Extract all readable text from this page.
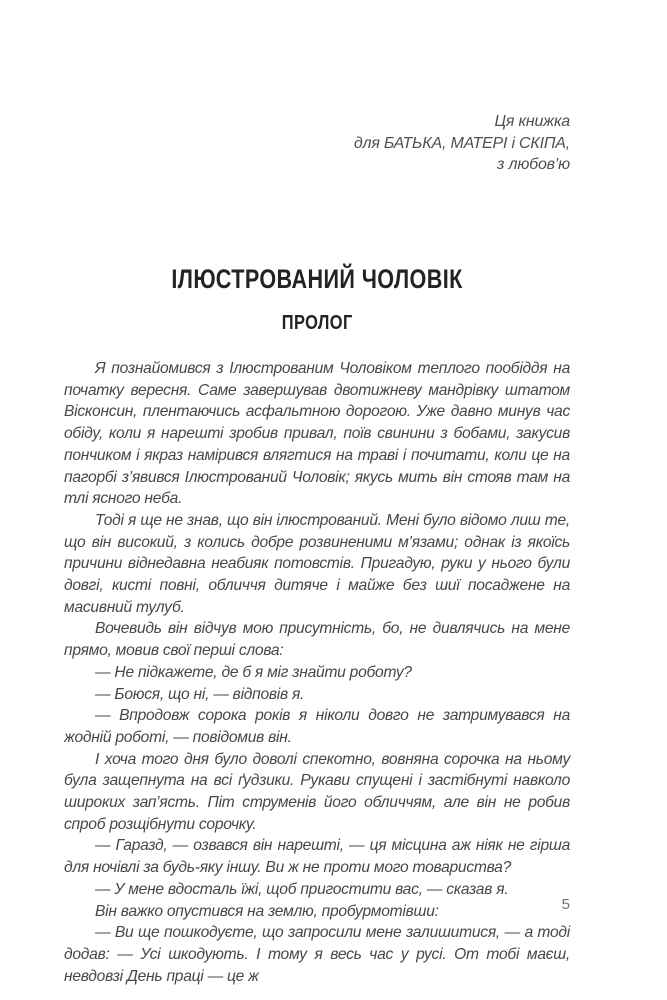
Ця книжка
для БАТЬКА, МАТЕРІ і СКІПА,
з любов’ю
ІЛЮСТРОВАНИЙ ЧОЛОВІК
ПРОЛОГ

Я познайомився з Ілюстрованим Чоловіком теплого пообіддя на початку вересня. Саме завершував двотижневу мандрівку штатом Вісконсин, плентаючись асфальтною дорогою. Уже давно минув час обіду, коли я нарешті зробив привал, поїв свинини з бобами, закусив пончиком і якраз намірився влягтися на траві і почитати, коли це на пагорбі з’явився Ілюстрований Чоловік; якусь мить він стояв там на тлі ясного неба.

Тоді я ще не знав, що він ілюстрований. Мені було відомо лиш те, що він високий, з колись добре розвиненими м’язами; однак із якоїсь причини віднедавна неабияк потовстів. Пригадую, руки у нього були довгі, кисті повні, обличчя дитяче і майже без шиї посаджене на масивний тулуб.

Вочевидь він відчув мою присутність, бо, не дивлячись на мене прямо, мовив свої перші слова:

— Не підкажете, де б я міг знайти роботу?

— Боюся, що ні, — відповів я.

— Впродовж сорока років я ніколи довго не затримувався на жодній роботі, — повідомив він.

І хоча того дня було доволі спекотно, вовняна сорочка на ньому була защепнута на всі ґудзики. Рукави спущені і застібнуті навколо широких зап’ясть. Піт струменів його обличчям, але він не робив спроб розщібнути сорочку.

— Гаразд, — озвався він нарешті, — ця місцина аж ніяк не гірша для ночівлі за будь-яку іншу. Ви ж не проти мого товариства?

— У мене вдосталь їжі, щоб пригостити вас, — сказав я.

Він важко опустився на землю, пробурмотівши:

— Ви ще пошкодуєте, що запросили мене залишитися, — а тоді додав: — Усі шкодують. І тому я весь час у русі. От тобі маєш, невдовзі День праці — це ж

5
